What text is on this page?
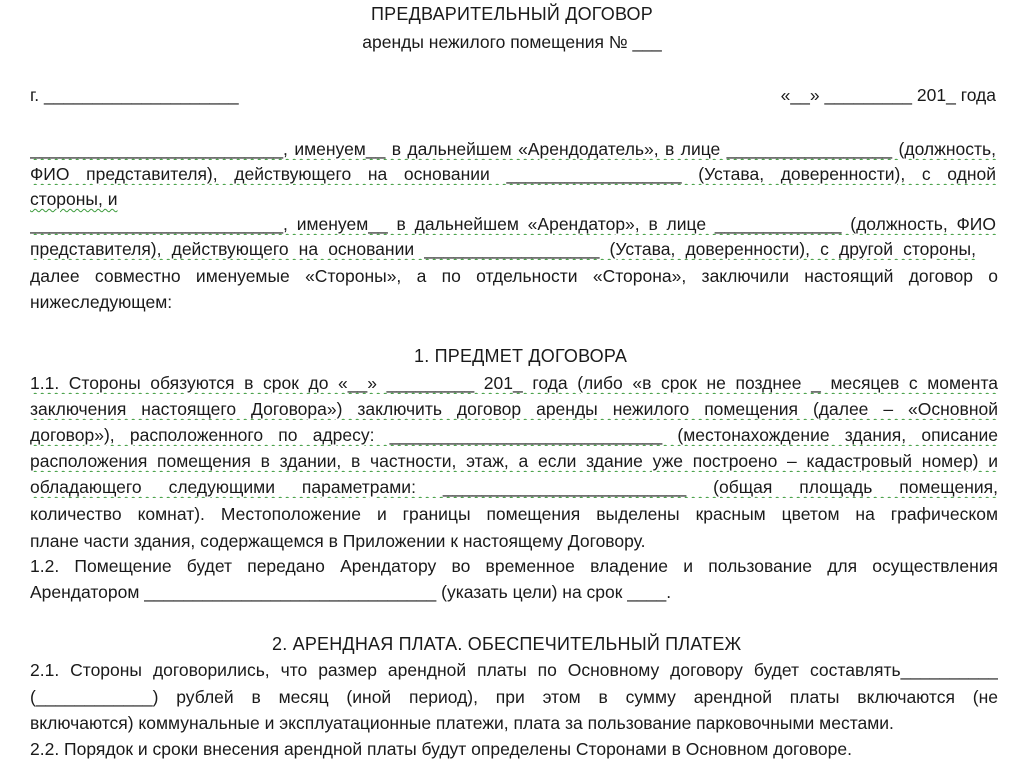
ПРЕДВАРИТЕЛЬНЫЙ ДОГОВОР
аренды нежилого помещения № ___
г. ____________________	«__» _________ 201_ года
__________________________, именуем__ в дальнейшем «Арендодатель», в лице _________________ (должность,
ФИО представителя), действующего на основании __________________ (Устава, доверенности), с одной
стороны, и
__________________________, именуем__ в дальнейшем «Арендатор», в лице _____________ (должность, ФИО
представителя), действующего на основании __________________ (Устава, доверенности), с другой стороны,
далее совместно именуемые «Стороны», а по отдельности «Сторона», заключили настоящий договор о
нижеследующем:
1. ПРЕДМЕТ ДОГОВОРА
1.1. Стороны обязуются в срок до «__» _________ 201_ года (либо «в срок не позднее _ месяцев с момента
заключения настоящего Договора») заключить договор аренды нежилого помещения (далее – «Основной
договор»), расположенного по адресу: ____________________________ (местонахождение здания, описание
расположения помещения в здании, в частности, этаж, а если здание уже построено – кадастровый номер) и
обладающего следующими параметрами: _________________________ (общая площадь помещения,
количество комнат). Местоположение и границы помещения выделены красным цветом на графическом
плане части здания, содержащемся в Приложении к настоящему Договору.
1.2. Помещение будет передано Арендатору во временное владение и пользование для осуществления
Арендатором ______________________________ (указать цели) на срок ____.
2. АРЕНДНАЯ ПЛАТА. ОБЕСПЕЧИТЕЛЬНЫЙ ПЛАТЕЖ
2.1. Стороны договорились, что размер арендной платы по Основному договору будет составлять__________
(____________) рублей в месяц (иной период), при этом в сумму арендной платы включаются (не
включаются) коммунальные и эксплуатационные платежи, плата за пользование парковочными местами.
2.2. Порядок и сроки внесения арендной платы будут определены Сторонами в Основном договоре.
